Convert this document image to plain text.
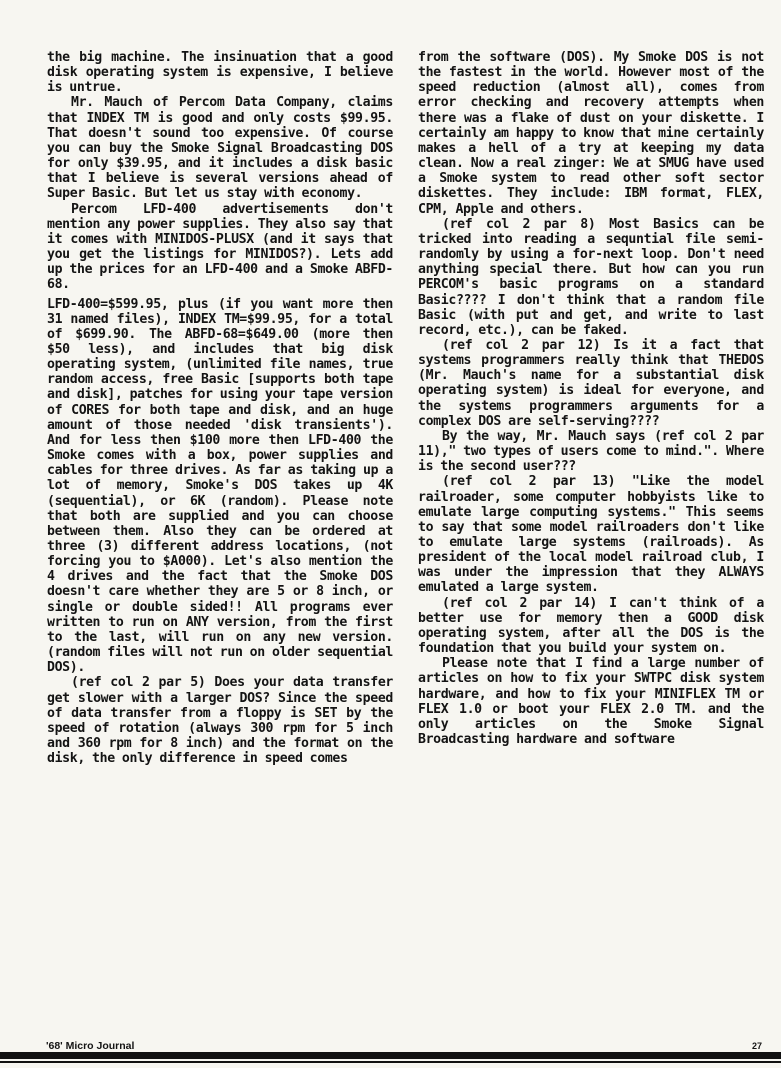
the big machine. The insinuation that a good disk operating system is expensive, I believe is untrue.

Mr. Mauch of Percom Data Company, claims that INDEX TM is good and only costs $99.95. That doesn't sound too expensive. Of course you can buy the Smoke Signal Broadcasting DOS for only $39.95, and it includes a disk basic that I believe is several versions ahead of Super Basic. But let us stay with economy.

Percom LFD-400 advertisements don't mention any power supplies. They also say that it comes with MINIDOS-PLUSX (and it says that you get the listings for MINIDOS?). Lets add up the prices for an LFD-400 and a Smoke ABFD-68.

LFD-400=$599.95, plus (if you want more then 31 named files), INDEX TM=$99.95, for a total of $699.90. The ABFD-68=$649.00 (more then $50 less), and includes that big disk operating system, (unlimited file names, true random access, free Basic [supports both tape and disk], patches for using your tape version of CORES for both tape and disk, and an huge amount of those needed 'disk transients'). And for less then $100 more then LFD-400 the Smoke comes with a box, power supplies and cables for three drives. As far as taking up a lot of memory, Smoke's DOS takes up 4K (sequential), or 6K (random). Please note that both are supplied and you can choose between them. Also they can be ordered at three (3) different address locations, (not forcing you to $A000). Let's also mention the 4 drives and the fact that the Smoke DOS doesn't care whether they are 5 or 8 inch, or single or double sided!! All programs ever written to run on ANY version, from the first to the last, will run on any new version. (random files will not run on older sequential DOS).

(ref col 2 par 5) Does your data transfer get slower with a larger DOS? Since the speed of data transfer from a floppy is SET by the speed of rotation (always 300 rpm for 5 inch and 360 rpm for 8 inch) and the format on the disk, the only difference in speed comes

from the software (DOS). My Smoke DOS is not the fastest in the world. However most of the speed reduction (almost all), comes from error checking and recovery attempts when there was a flake of dust on your diskette. I certainly am happy to know that mine certainly makes a hell of a try at keeping my data clean. Now a real zinger: We at SMUG have used a Smoke system to read other soft sector diskettes. They include: IBM format, FLEX, CPM, Apple and others.

(ref col 2 par 8) Most Basics can be tricked into reading a sequntial file semi-randomly by using a for-next loop. Don't need anything special there. But how can you run PERCOM's basic programs on a standard Basic???? I don't think that a random file Basic (with put and get, and write to last record, etc.), can be faked.

(ref col 2 par 12) Is it a fact that systems programmers really think that THEDOS (Mr. Mauch's name for a substantial disk operating system) is ideal for everyone, and the systems programmers arguments for a complex DOS are self-serving????

By the way, Mr. Mauch says (ref col 2 par 11)," two types of users come to mind.". Where is the second user???

(ref col 2 par 13) "Like the model railroader, some computer hobbyists like to emulate large computing systems." This seems to say that some model railroaders don't like to emulate large systems (railroads). As president of the local model railroad club, I was under the impression that they ALWAYS emulated a large system.

(ref col 2 par 14) I can't think of a better use for memory then a GOOD disk operating system, after all the DOS is the foundation that you build your system on.

Please note that I find a large number of articles on how to fix your SWTPC disk system hardware, and how to fix your MINIFLEX TM or FLEX 1.0 or boot your FLEX 2.0 TM. and the only articles on the Smoke Signal Broadcasting hardware and software

'68' Micro Journal	27
